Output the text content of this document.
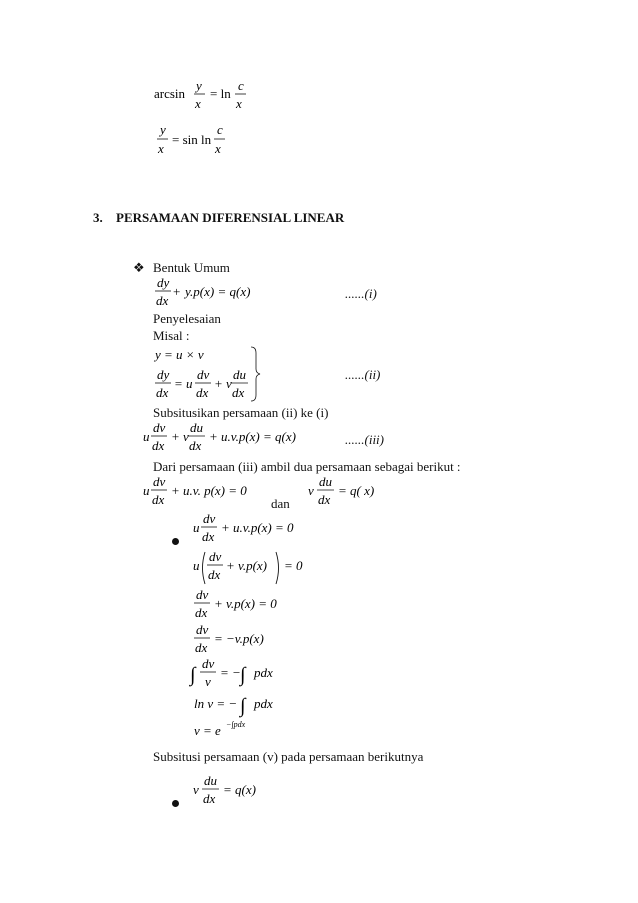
arcsin
y
x
= ln
c
x
y
x
= sin ln
c
x
3. PERSAMAAN DIFERENSIAL LINEAR
❖ Bentuk Umum
dy
dx
+ y.p(x) = q(x)	......(i)
Penyelesaian
Misal :
y = u × v
dy
dx
= u
dv
dx
+ v
du
dx
......(ii)
Subsitusikan persamaan (ii) ke (i)
u
dv
dx
+ v
du
dx
+ u.v.p(x) = q(x)	......(iii)
Dari persamaan (iii) ambil dua persamaan sebagai berikut :
u
dv
dx
+ u.v. p(x) = 0
dan
v
du
dx
= q( x)
u
dv
dx
+ u.v.p(x) = 0
u
dv
dx
+ v.p(x) = 0
dv
dx
+ v.p(x) = 0
dv
dx
= −v.p(x)
∫
dv
v
= − ∫ pdx
ln v = − ∫ pdx
v = e −∫pdx
Subsitusi persamaan (v) pada persamaan berikutnya
v
du
dx
= q(x)
